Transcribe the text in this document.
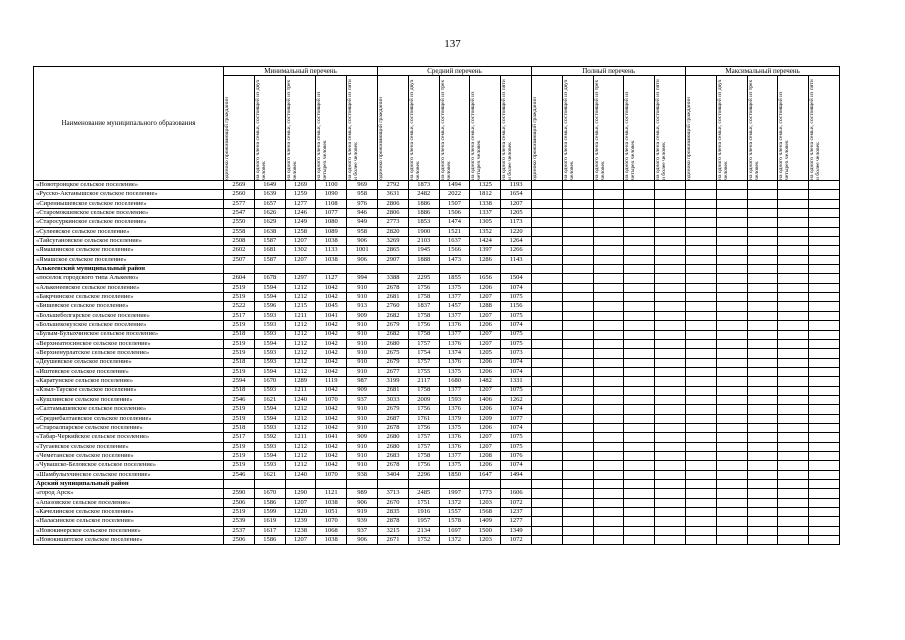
137
Наименование муниципального образования	Минимальный перечень					Средний перечень					Полный перечень					Максимальный перечень				

	одиноко проживающий гражданин	на одного члена семьи, состоящей из двух человек	на одного члена семьи, состоящей из трех человек	на одного члена семьи, состоящей из четырех человек	на одного члена семьи, состоящей из пяти и более человек	одиноко проживающий гражданин	на одного члена семьи, состоящей из двух человек	на одного члена семьи, состоящей из трех человек	на одного члена семьи, состоящей из четырех человек	на одного члена семьи, состоящей из пяти и более человек	одиноко проживающий гражданин	на одного члена семьи, состоящей из двух человек	на одного члена семьи, состоящей из трех человек	на одного члена семьи, состоящей из четырех человек	на одного члена семьи, состоящей из пяти и более человек	одиноко проживающий гражданин	на одного члена семьи, состоящей из двух человек	на одного члена семьи, состоящей из трех человек	на одного члена семьи, состоящей из четырех человек	на одного члена семьи, состоящей из пяти и более человек

«Новотроицкое сельское поселение»	2569	1649	1269	1100	969	2792	1873	1494	1325	1193										
«Русско-Актанышское сельское поселение»	2560	1639	1259	1090	958	3631	2482	2022	1812	1654										
«Сирениышевское сельское поселение»	2577	1657	1277	1108	976	2806	1886	1507	1338	1207										
«Старомокшевское сельское поселение»	2547	1626	1246	1077	946	2806	1886	1506	1337	1205										
«Старосуркинское сельское поселение»	2550	1629	1249	1080	949	2773	1853	1474	1305	1173										
«Сулеевское сельское поселение»	2558	1638	1258	1089	958	2820	1900	1521	1352	1220										
«Тайсугановское сельское поселение»	2508	1587	1207	1038	906	3269	2103	1637	1424	1264										
«Ямашинское сельское поселение»	2602	1681	1302	1133	1001	2865	1945	1566	1397	1266										
«Ямашское сельское поселение»	2507	1587	1207	1038	906	2907	1888	1473	1286	1143										
Алькеевский муниципальный район																				
«поселок городского типа Алькеево»	2604	1678	1297	1127	994	3388	2295	1855	1656	1504										
«Алькенеевское сельское поселение»	2519	1594	1212	1042	910	2678	1756	1375	1206	1074										
«Бакрчинское сельское поселение»	2519	1594	1212	1042	910	2681	1758	1377	1207	1075										
«Бишевское сельское поселение»	2522	1596	1215	1045	913	2760	1837	1457	1288	1156										
«Большеболгарское сельское поселение»	2517	1593	1211	1041	909	2682	1758	1377	1207	1075										
«Большекокузское сельское поселение»	2519	1593	1212	1042	910	2679	1756	1376	1206	1074										
«Булым-Булыхчинское сельское поселение»	2518	1593	1212	1042	910	2682	1758	1377	1207	1075										
«Верхнеатюсинское сельское поселение»	2519	1594	1212	1042	910	2680	1757	1376	1207	1075										
«Верхненурлатское сельское поселение»	2519	1593	1212	1042	910	2675	1754	1374	1205	1073										
«Деушевское сельское поселение»	2518	1593	1212	1042	910	2679	1757	1376	1206	1074										
«Иштевское сельское поселение»	2519	1594	1212	1042	910	2677	1755	1375	1206	1074										
«Каратунское сельское поселение»	2594	1670	1289	1119	987	3199	2117	1680	1482	1331										
«Кзыл-Тауское сельское поселение»	2518	1593	1211	1042	909	2681	1758	1377	1207	1075										
«Кушлинское сельское поселение»	2546	1621	1240	1070	937	3033	2009	1593	1406	1262										
«Салтамышевское сельское поселение»	2519	1594	1212	1042	910	2679	1756	1376	1206	1074										
«Среднебалтаевское сельское поселение»	2519	1594	1212	1042	910	2687	1761	1379	1209	1077										
«Староалпарское сельское поселение»	2518	1593	1212	1042	910	2678	1756	1375	1206	1074										
«Табар-Черкийское сельское поселение»	2517	1592	1211	1041	909	2680	1757	1376	1207	1075										
«Тугаевское сельское поселение»	2519	1593	1212	1042	910	2680	1757	1376	1207	1075										
«Чеметанское сельское поселение»	2519	1594	1212	1042	910	2683	1758	1377	1208	1076										
«Чувашско-Беловское сельское поселение»	2519	1593	1212	1042	910	2678	1756	1375	1206	1074										
«Шамбулыхчинское сельское поселение»	2546	1621	1240	1070	938	3404	2296	1850	1647	1494										
Арский муниципальный район																				
«город Арск»	2590	1670	1290	1121	989	3713	2485	1997	1773	1606										
«Апазовское сельское поселение»	2506	1586	1207	1038	906	2670	1751	1372	1203	1072										
«Качелинское сельское поселение»	2519	1599	1220	1051	919	2835	1916	1557	1568	1237										
«Наласинское сельское поселение»	2539	1619	1239	1070	939	2878	1957	1578	1409	1277										
«Новокинерское сельское поселение»	2537	1617	1238	1068	937	3215	2134	1697	1500	1349										
«Новокишитское сельское поселение»	2506	1586	1207	1038	906	2671	1752	1372	1203	1072										
